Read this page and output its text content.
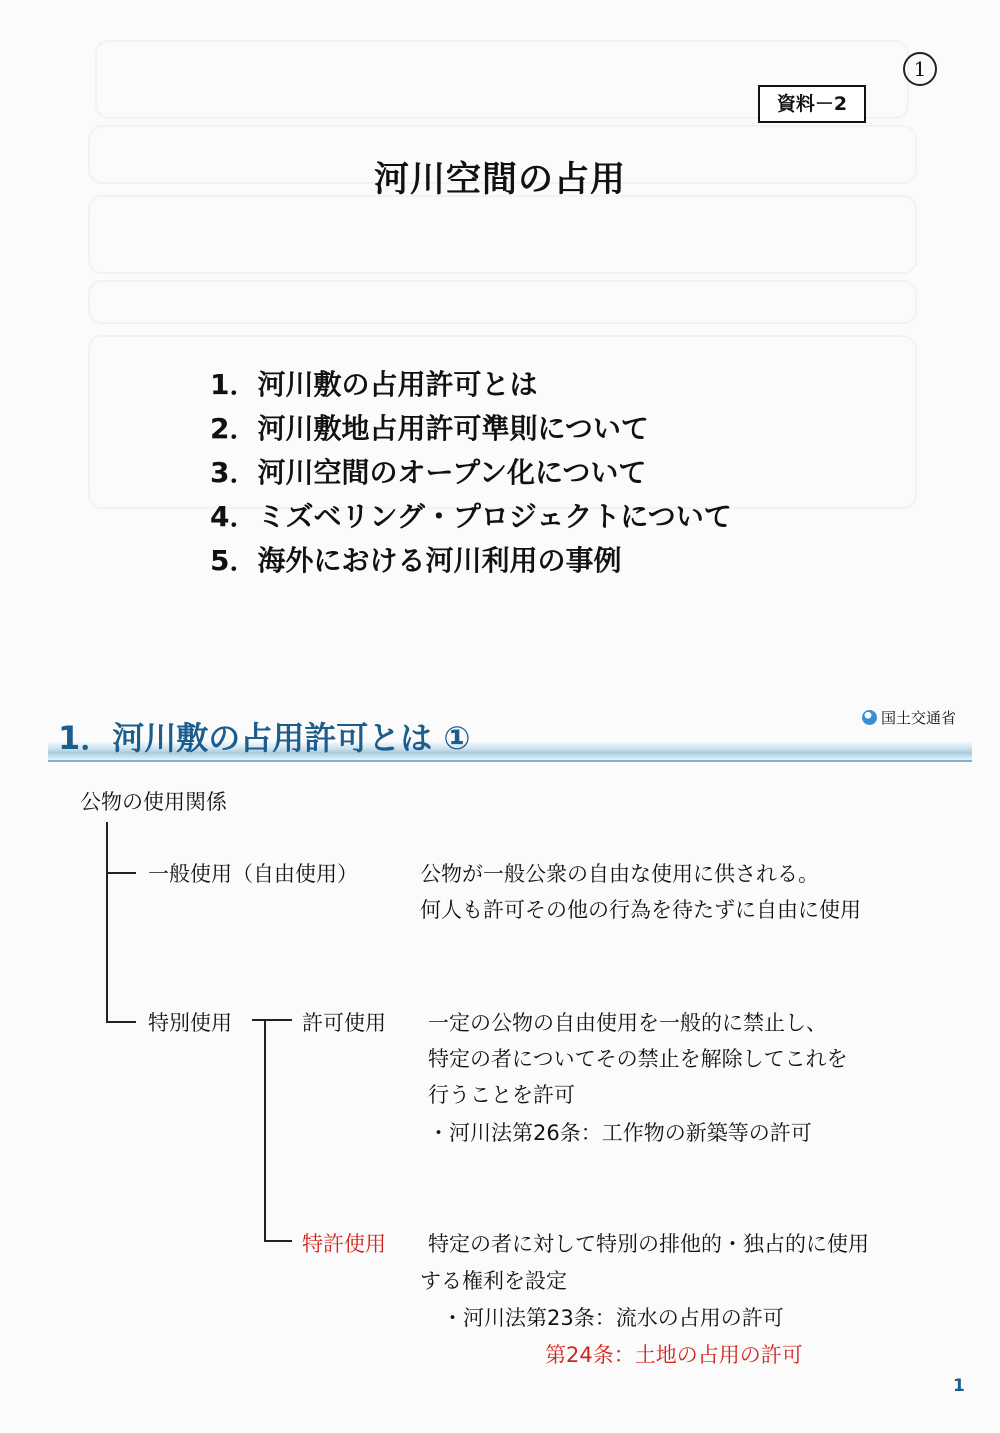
1
資料－2
河川空間の占用
1．河川敷の占用許可とは
2．河川敷地占用許可準則について
3．河川空間のオープン化について
4．ミズベリング・プロジェクトについて
5．海外における河川利用の事例
1．河川敷の占用許可とは ①
国土交通省
公物の使用関係
一般使用（自由使用）	公物が一般公衆の自由な使用に供される。
何人も許可その他の行為を待たずに自由に使用
特別使用	許可使用 一定の公物の自由使用を一般的に禁止し、
特定の者についてその禁止を解除してこれを
行うことを許可
・河川法第26条：工作物の新築等の許可
特許使用 特定の者に対して特別の排他的・独占的に使用
する権利を設定
・河川法第23条：流水の占用の許可
第24条：土地の占用の許可
1
